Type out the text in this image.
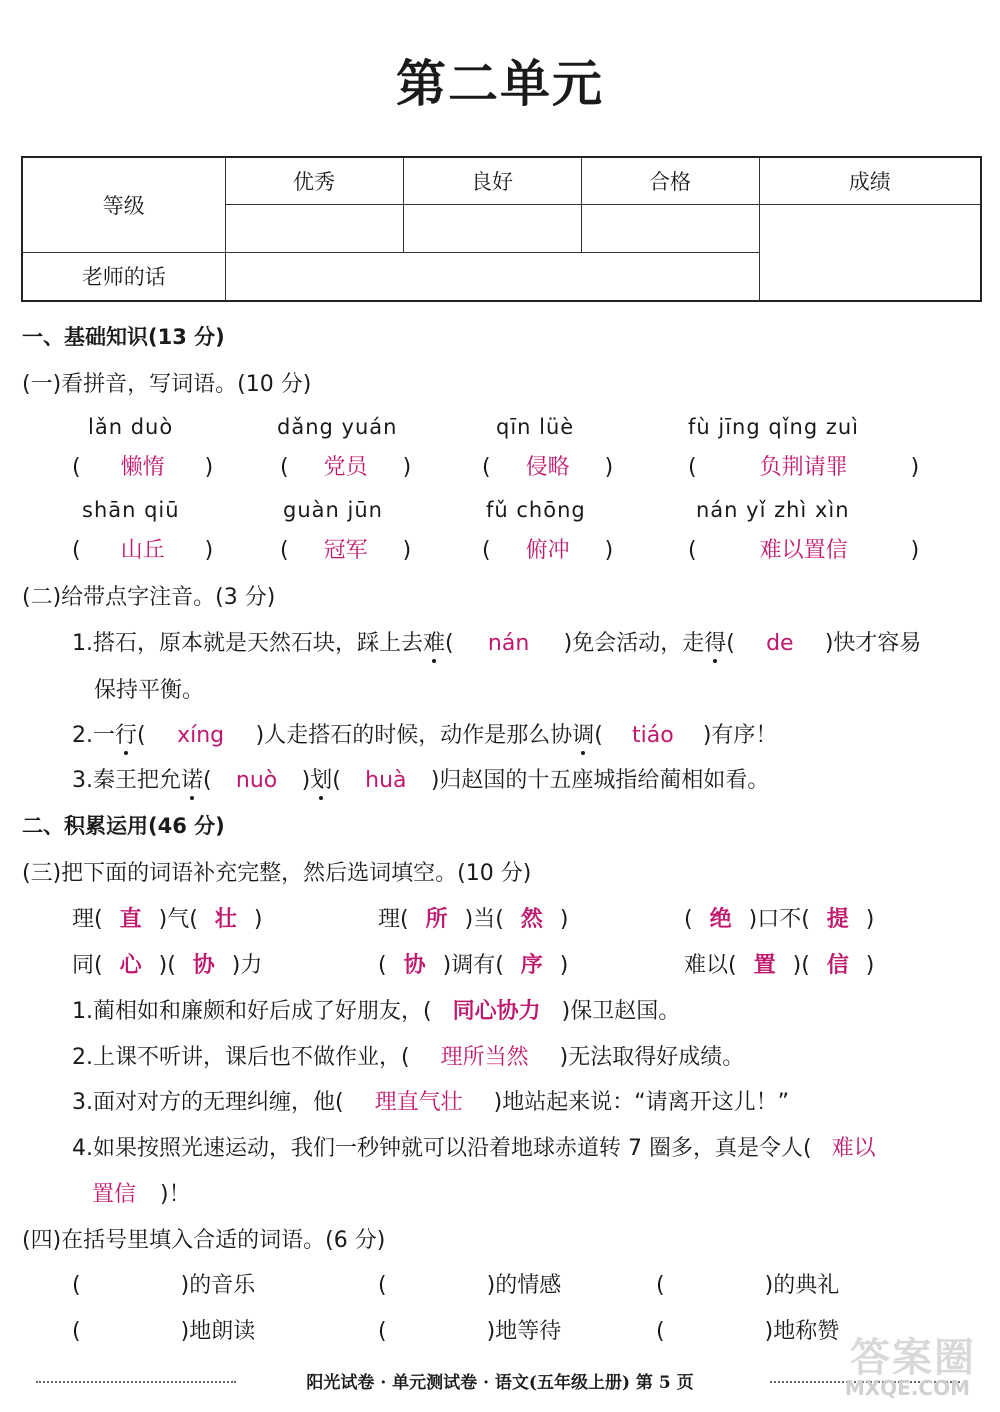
第二单元
等级	优秀	良好	合格	成绩

老师的话				
一、基础知识(13 分)
(一)看拼音，写词语。(10 分)
lǎn duò	dǎng yuán	qīn lüè	fù jīng qǐng zuì
( 懒惰 )	( 党员 )	( 侵略 )	(	负荆请罪	)
shān qiū	guàn jūn	fǔ chōng	nán yǐ zhì xìn
( 山丘 )	( 冠军 )	( 俯冲 )	(	难以置信	)
(二)给带点字注音。(3 分)
1.搭石，原本就是天然石块，踩上去难( nán )免会活动，走得( de )快才容易
保持平衡。
2.一行( xíng )人走搭石的时候，动作是那么协调( tiáo )有序！
3.秦王把允诺( nuò )划( huà )归赵国的十五座城指给蔺相如看。
二、积累运用(46 分)
(三)把下面的词语补充完整，然后选词填空。(10 分)
理( 直 )气( 壮 )	理( 所 )当( 然 )	( 绝 )口不( 提 )
同( 心 )( 协 )力	( 协 )调有( 序 )	难以( 置 )( 信 )
1.蔺相如和廉颇和好后成了好朋友，( 同心协力 )保卫赵国。
2.上课不听讲，课后也不做作业，( 理所当然 )无法取得好成绩。
3.面对对方的无理纠缠，他( 理直气壮 )地站起来说：“请离开这儿！”
4.如果按照光速运动，我们一秒钟就可以沿着地球赤道转 7 圈多，真是令人( 难以
置信 )！
(四)在括号里填入合适的词语。(6 分)
(	)的音乐	(	)的情感	(	)的典礼
(	)地朗读	(	)地等待	(	)地称赞
阳光试卷 · 单元测试卷 · 语文(五年级上册) 第 5 页
答案圈
MXQE.COM
